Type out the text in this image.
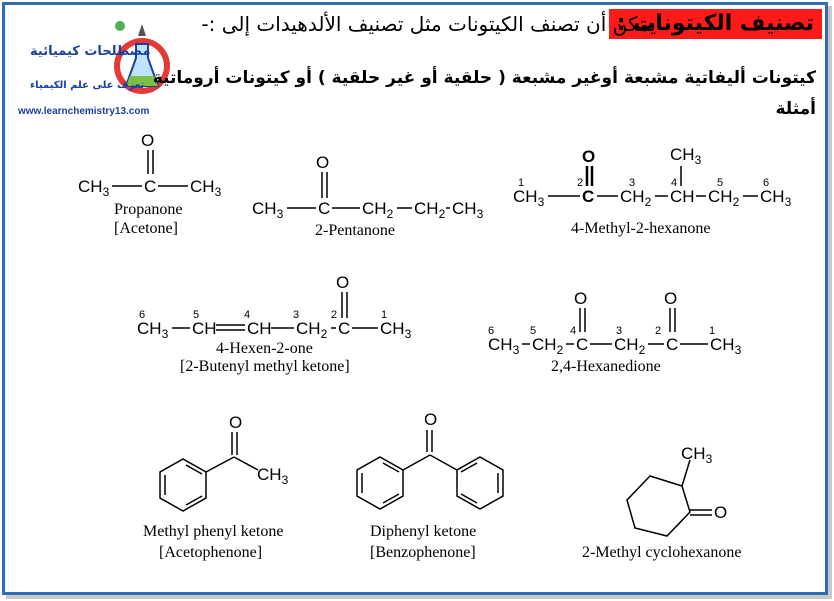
مصطلحات كيميائية
تعرف على علم الكيمياء
www.learnchemistry13.com
تصنيف الكيتونات :
يمكن أن تصنف الكيتونات مثل تصنيف الألدهيدات إلى :-
كيتونات أليفاتية مشبعة أوغير مشبعة ( حلقية أو غير حلقية ) أو كيتونات أروماتية
أمثلة
O
$CH_3$ C $CH_3$
O
$CH_3$ C $CH_2$ $CH_2$ $CH_3$
O	$CH_3$
1	2	3	4	5	6
$CH_3$ C $CH_2$ CH $CH_2$ $CH_3$
O
6	5	4	3	2	1
$CH_3$ CH CH $CH_2$ C $CH_3$
O	O
6	5	4	3	2	1
$CH_3$ $CH_2$ C $CH_2$ C $CH_3$
O
$CH_3$
O
$CH_3$
O
Propanone
[Acetone]	2-Pentanone	4-Methyl-2-hexanone
4-Hexen-2-one
[2-Butenyl methyl ketone]	2,4-Hexanedione
Methyl phenyl ketone
[Acetophenone]
Diphenyl ketone
[Benzophenone]	2-Methyl cyclohexanone
